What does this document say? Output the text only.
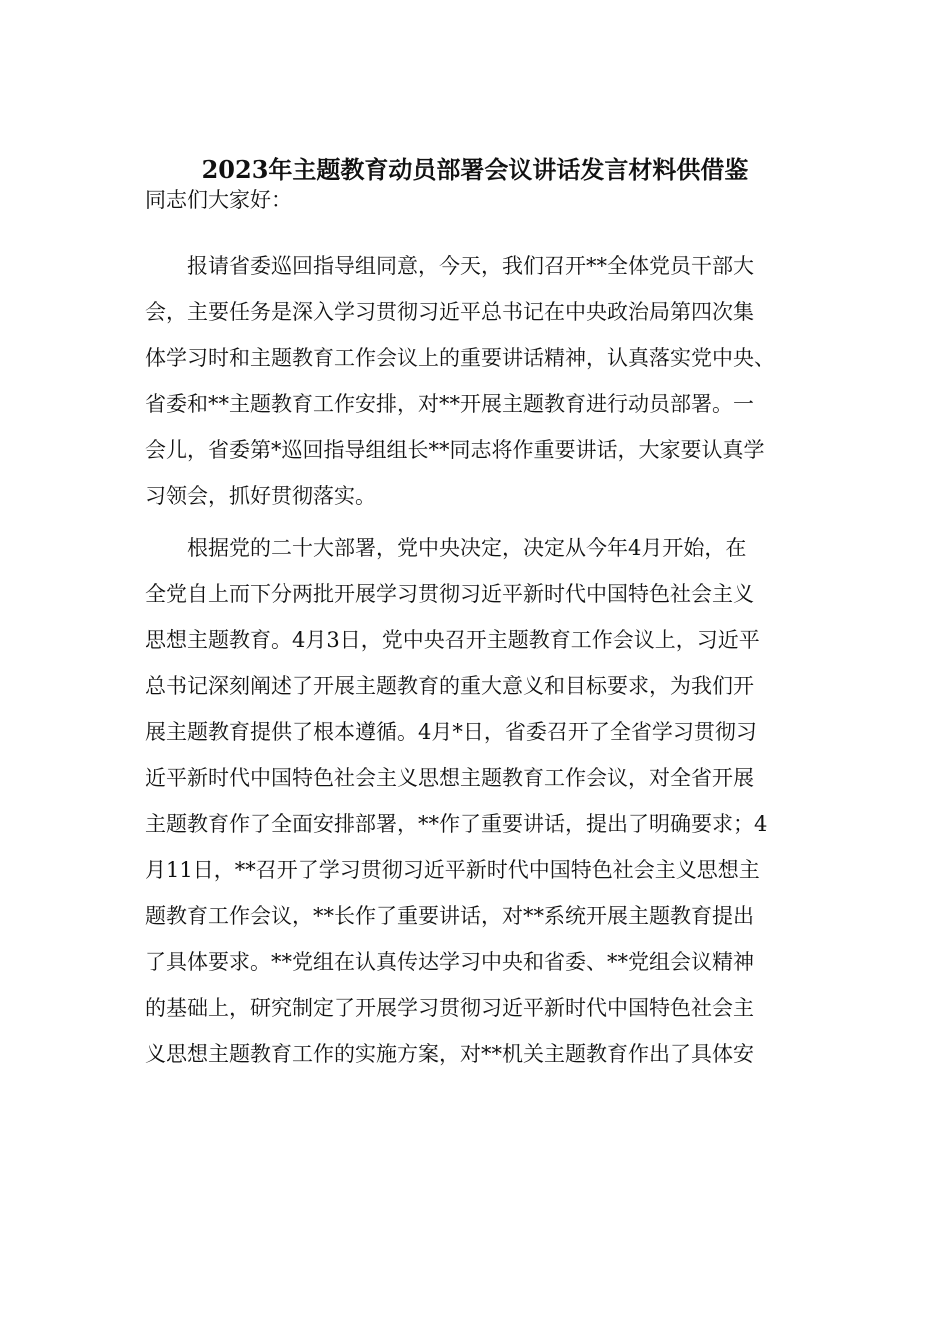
2023年主题教育动员部署会议讲话发言材料供借鉴
同志们大家好：
报请省委巡回指导组同意，今天，我们召开**全体党员干部大
会，主要任务是深入学习贯彻习近平总书记在中央政治局第四次集
体学习时和主题教育工作会议上的重要讲话精神，认真落实党中央、
省委和**主题教育工作安排，对**开展主题教育进行动员部署。一
会儿，省委第*巡回指导组组长**同志将作重要讲话，大家要认真学
习领会，抓好贯彻落实。
根据党的二十大部署，党中央决定，决定从今年4月开始，在
全党自上而下分两批开展学习贯彻习近平新时代中国特色社会主义
思想主题教育。4月3日，党中央召开主题教育工作会议上，习近平
总书记深刻阐述了开展主题教育的重大意义和目标要求，为我们开
展主题教育提供了根本遵循。4月*日，省委召开了全省学习贯彻习
近平新时代中国特色社会主义思想主题教育工作会议，对全省开展
主题教育作了全面安排部署，**作了重要讲话，提出了明确要求；4
月11日，**召开了学习贯彻习近平新时代中国特色社会主义思想主
题教育工作会议，**长作了重要讲话，对**系统开展主题教育提出
了具体要求。**党组在认真传达学习中央和省委、**党组会议精神
的基础上，研究制定了开展学习贯彻习近平新时代中国特色社会主
义思想主题教育工作的实施方案，对**机关主题教育作出了具体安
